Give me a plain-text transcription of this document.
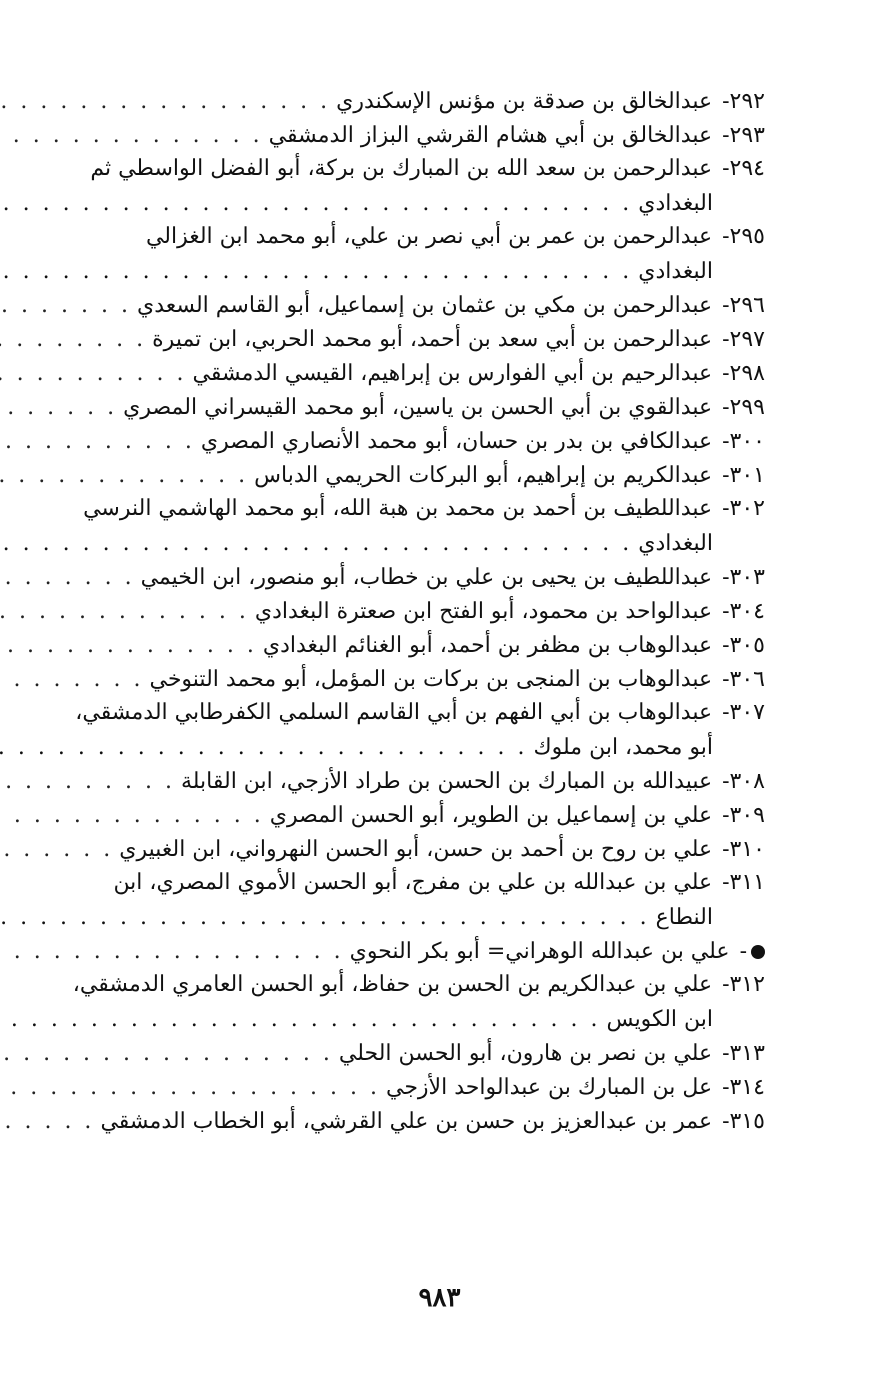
٢٩٢-
عبدالخالق بن صدقة بن مؤنس الإسكندري
. . .
٢٩٣-
عبدالخالق بن أبي هشام القرشي البزاز الدمشقي
. . .
٢٩٤-
عبدالرحمن بن سعد الله بن المبارك بن بركة، أبو الفضل الواسطي ثم
البغدادي
. . .
٢٩٥-
عبدالرحمن بن عمر بن أبي نصر بن علي، أبو محمد ابن الغزالي
البغدادي
. . .
٢٩٦-
عبدالرحمن بن مكي بن عثمان بن إسماعيل، أبو القاسم السعدي
. . .
٢٩٧-
عبدالرحمن بن أبي سعد بن أحمد، أبو محمد الحربي، ابن تميرة
. . .
٢٩٨-
عبدالرحيم بن أبي الفوارس بن إبراهيم، القيسي الدمشقي
. . .
٢٩٩-
عبدالقوي بن أبي الحسن بن ياسين، أبو محمد القيسراني المصري
. . .
٣٠٠-
عبدالكافي بن بدر بن حسان، أبو محمد الأنصاري المصري
. . .
٣٠١-
عبدالكريم بن إبراهيم، أبو البركات الحريمي الدباس
. . .
٣٠٢-
عبداللطيف بن أحمد بن محمد بن هبة الله، أبو محمد الهاشمي النرسي
البغدادي
. . .
٣٠٣-
عبداللطيف بن يحيى بن علي بن خطاب، أبو منصور، ابن الخيمي
. . .
٣٠٤-
عبدالواحد بن محمود، أبو الفتح ابن صعترة البغدادي
. . .
٣٠٥-
عبدالوهاب بن مظفر بن أحمد، أبو الغنائم البغدادي
. . .
٣٠٦-
عبدالوهاب بن المنجى بن بركات بن المؤمل، أبو محمد التنوخي
. . .
٣٠٧-
عبدالوهاب بن أبي الفهم بن أبي القاسم السلمي الكفرطابي الدمشقي،
أبو محمد، ابن ملوك
. . .
٣٠٨-
عبيدالله بن المبارك بن الحسن بن طراد الأزجي، ابن القابلة
. . .
٣٠٩-
علي بن إسماعيل بن الطوير، أبو الحسن المصري
. . .
٣١٠-
علي بن روح بن أحمد بن حسن، أبو الحسن النهرواني، ابن الغبيري
. . .
٣١١-
علي بن عبدالله بن علي بن مفرج، أبو الحسن الأموي المصري، ابن
النطاع
. . .
-
علي بن عبدالله الوهراني= أبو بكر النحوي
. . .
٣١٢-
علي بن عبدالكريم بن الحسن بن حفاظ، أبو الحسن العامري الدمشقي،
ابن الكويس
. . .
٣١٣-
علي بن نصر بن هارون، أبو الحسن الحلي
. . .
٣١٤-
عل بن المبارك بن عبدالواحد الأزجي
. . .
٣١٥-
عمر بن عبدالعزيز بن حسن بن علي القرشي، أبو الخطاب الدمشقي
. . .
٩٨٣
